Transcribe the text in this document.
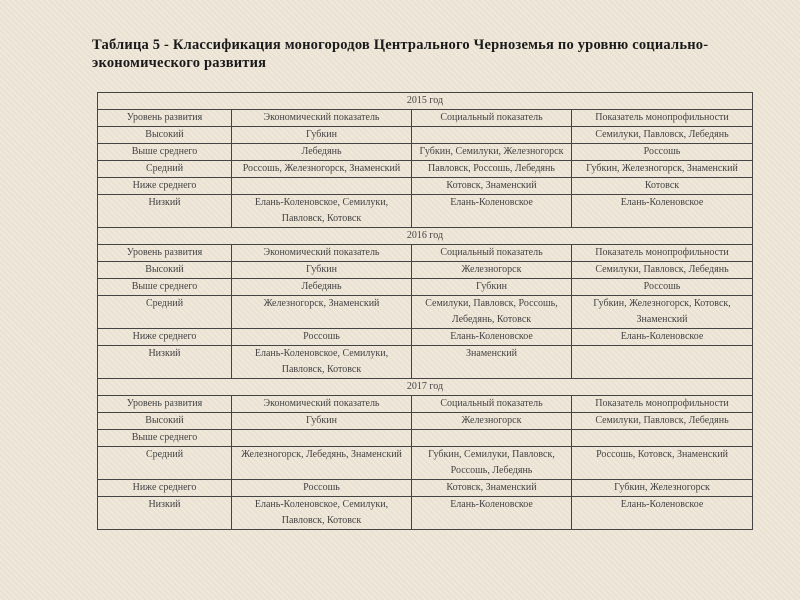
Таблица 5 - Классификация моногородов Центрального Черноземья по уровню социально-экономического развития
2015 год			
Уровень развития	Экономический показатель	Социальный показатель	Показатель монопрофильности
Высокий	Губкин		Семилуки, Павловск, Лебедянь
Выше среднего	Лебедянь	Губкин, Семилуки, Железногорск	Россошь
Средний	Россошь, Железногорск, Знаменский	Павловск, Россошь, Лебедянь	Губкин, Железногорск, Знаменский
Ниже среднего		Котовск, Знаменский	Котовск
Низкий	Елань-Коленовское, Семилуки, Павловск, Котовск	Елань-Коленовское	Елань-Коленовское
2016 год			
Уровень развития	Экономический показатель	Социальный показатель	Показатель монопрофильности
Высокий	Губкин	Железногорск	Семилуки, Павловск, Лебедянь
Выше среднего	Лебедянь	Губкин	Россошь
Средний	Железногорск, Знаменский	Семилуки, Павловск, Россошь, Лебедянь, Котовск	Губкин, Железногорск, Котовск, Знаменский
Ниже среднего	Россошь	Елань-Коленовское	Елань-Коленовское
Низкий	Елань-Коленовское, Семилуки, Павловск, Котовск	Знаменский	
2017 год			
Уровень развития	Экономический показатель	Социальный показатель	Показатель монопрофильности
Высокий	Губкин	Железногорск	Семилуки, Павловск, Лебедянь
Выше среднего			
Средний	Железногорск, Лебедянь, Знаменский	Губкин, Семилуки, Павловск, Россошь, Лебедянь	Россошь, Котовск, Знаменский
Ниже среднего	Россошь	Котовск, Знаменский	Губкин, Железногорск
Низкий	Елань-Коленовское, Семилуки, Павловск, Котовск	Елань-Коленовское	Елань-Коленовское
